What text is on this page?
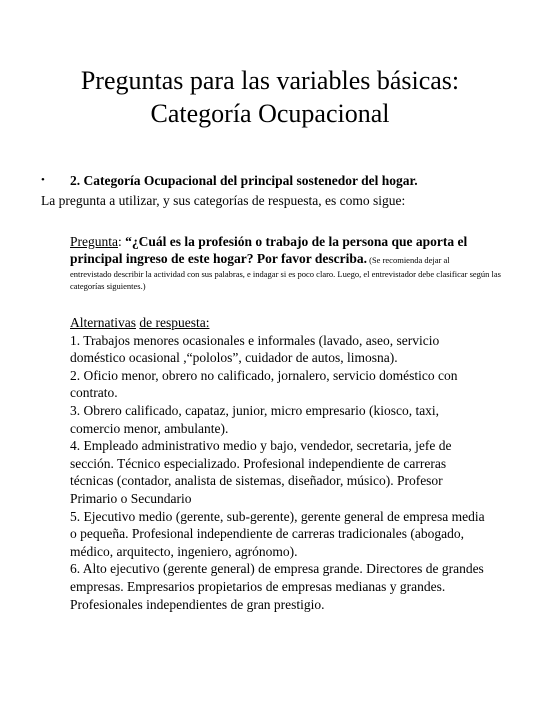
Preguntas para las variables básicas:
Categoría Ocupacional
• 2. Categoría Ocupacional del principal sostenedor del hogar.
La pregunta a utilizar, y sus categorías de respuesta, es como sigue:
Pregunta: “¿Cuál es la profesión o trabajo de la persona que aporta el principal ingreso de este hogar? Por favor describa. (Se recomienda dejar al
entrevistado describir la actividad con sus palabras, e indagar si es poco claro. Luego, el entrevistador debe clasificar según las categorías siguientes.)
Alternativas de respuesta:
1. Trabajos menores ocasionales e informales (lavado, aseo, servicio doméstico ocasional ,“pololos”, cuidador de autos, limosna).
2. Oficio menor, obrero no calificado, jornalero, servicio doméstico con contrato.
3. Obrero calificado, capataz, junior, micro empresario (kiosco, taxi, comercio menor, ambulante).
4. Empleado administrativo medio y bajo, vendedor, secretaria, jefe de sección. Técnico especializado. Profesional independiente de carreras técnicas (contador, analista de sistemas, diseñador, músico). Profesor Primario o Secundario
5. Ejecutivo medio (gerente, sub-gerente), gerente general de empresa media o pequeña. Profesional independiente de carreras tradicionales (abogado, médico, arquitecto, ingeniero, agrónomo).
6. Alto ejecutivo (gerente general) de empresa grande. Directores de grandes empresas. Empresarios propietarios de empresas medianas y grandes. Profesionales independientes de gran prestigio.
